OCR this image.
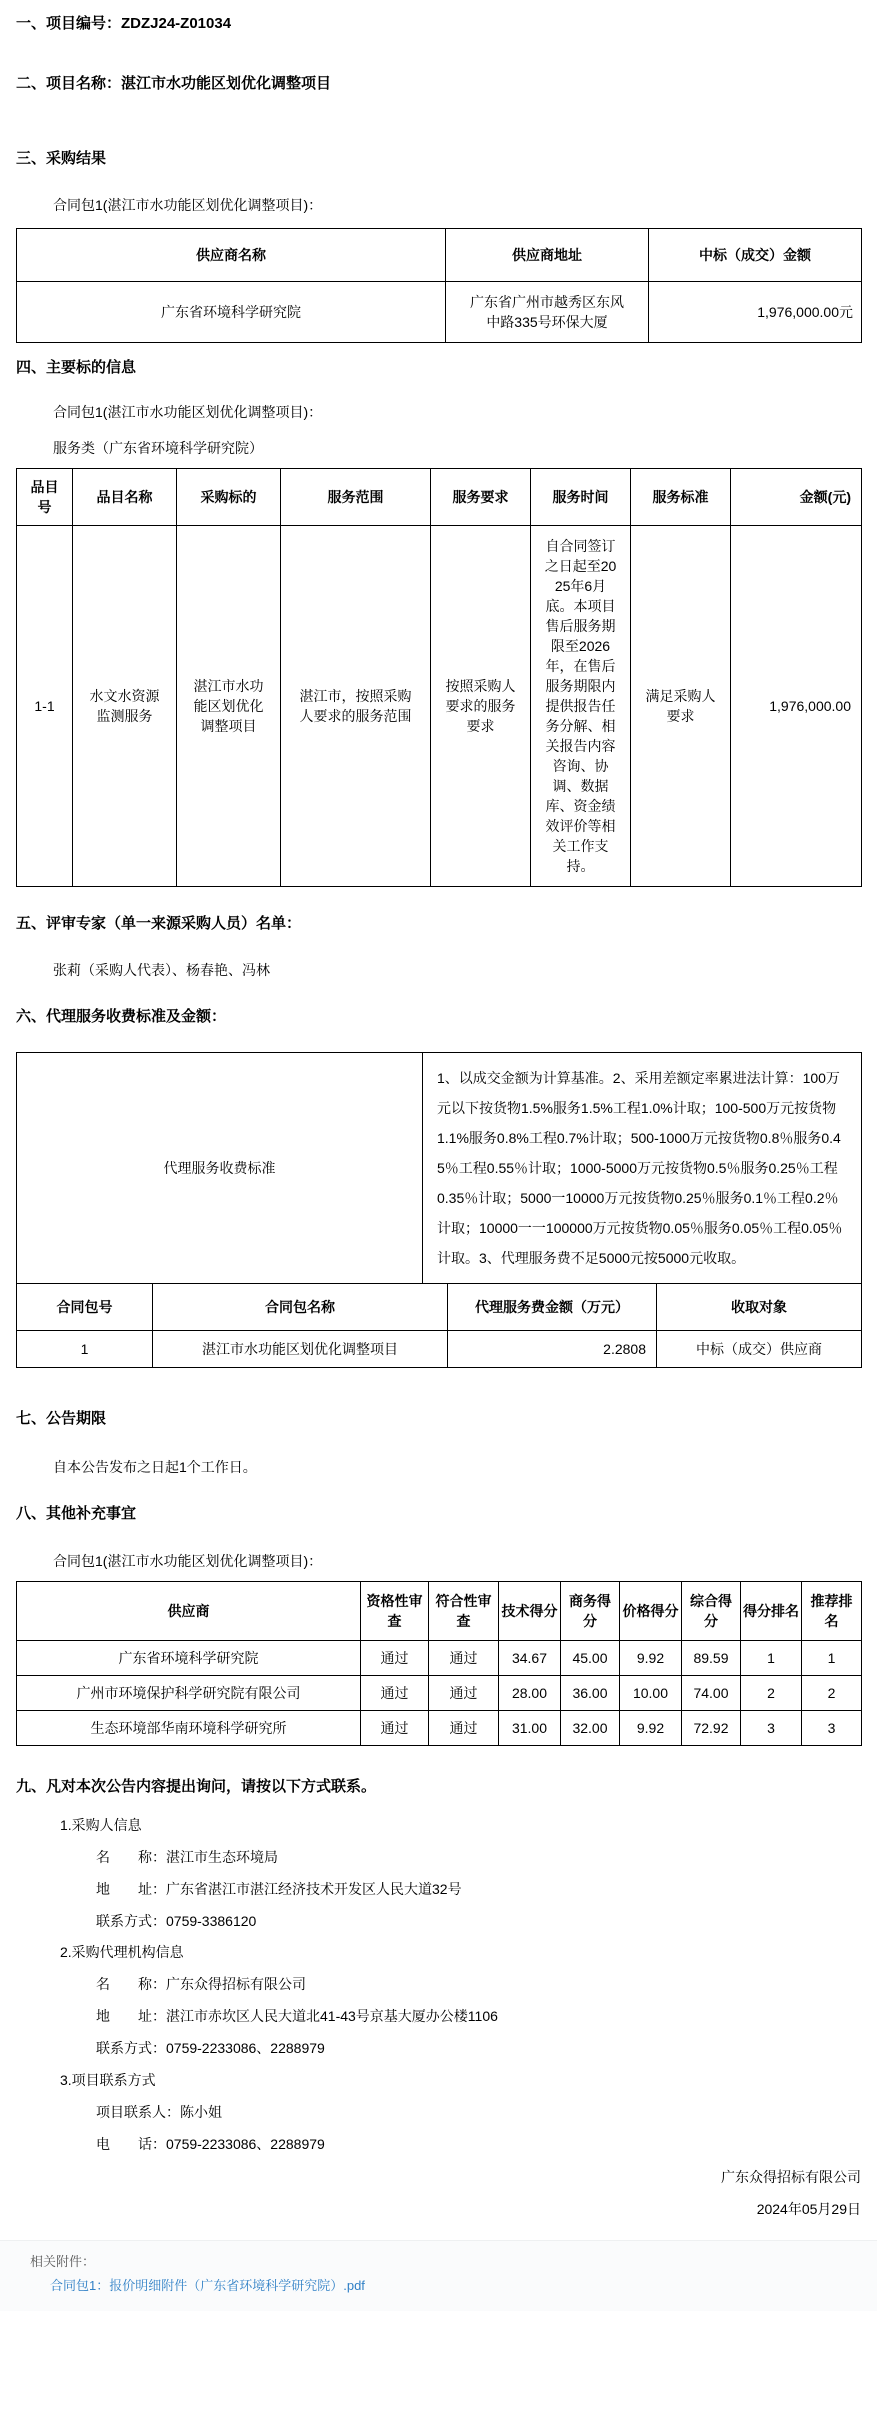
一、项目编号：ZDZJ24-Z01034
二、项目名称：湛江市水功能区划优化调整项目
三、采购结果
合同包1(湛江市水功能区划优化调整项目)：
供应商名称	供应商地址	中标（成交）金额
广东省环境科学研究院	广东省广州市越秀区东风中路335号环保大厦	1,976,000.00元
四、主要标的信息
合同包1(湛江市水功能区划优化调整项目)：
服务类（广东省环境科学研究院）
品目号	品目名称	采购标的	服务范围	服务要求	服务时间	服务标准	金额(元)
1-1	水文水资源监测服务	湛江市水功能区划优化调整项目	湛江市，按照采购人要求的服务范围	按照采购人要求的服务要求	自合同签订之日起至2025年6月底。本项目售后服务期限至2026年，在售后服务期限内提供报告任务分解、相关报告内容咨询、协调、数据库、资金绩效评价等相关工作支持。	满足采购人要求	1,976,000.00
五、评审专家（单一来源采购人员）名单：
张莉（采购人代表）、杨春艳、冯林
六、代理服务收费标准及金额：
代理服务收费标准	1、以成交金额为计算基准。2、采用差额定率累进法计算：100万元以下按货物1.5%服务1.5%工程1.0%计取；100-500万元按货物1.1%服务0.8%工程0.7%计取；500-1000万元按货物0.8％服务0.45％工程0.55％计取；1000-5000万元按货物0.5％服务0.25％工程0.35％计取；5000一10000万元按货物0.25％服务0.1％工程0.2％计取；10000一一100000万元按货物0.05％服务0.05％工程0.05％计取。3、代理服务费不足5000元按5000元收取。
合同包号	合同包名称	代理服务费金额（万元）	收取对象
1	湛江市水功能区划优化调整项目	2.2808	中标（成交）供应商
七、公告期限
自本公告发布之日起1个工作日。
八、其他补充事宜
合同包1(湛江市水功能区划优化调整项目)：
供应商	资格性审查	符合性审查	技术得分	商务得分	价格得分	综合得分	得分排名	推荐排名
广东省环境科学研究院	通过	通过	34.67	45.00	9.92	89.59	1	1
广州市环境保护科学研究院有限公司	通过	通过	28.00	36.00	10.00	74.00	2	2
生态环境部华南环境科学研究所	通过	通过	31.00	32.00	9.92	72.92	3	3
九、凡对本次公告内容提出询问，请按以下方式联系。
1.采购人信息
名　　称：湛江市生态环境局
地　　址：广东省湛江市湛江经济技术开发区人民大道32号
联系方式：0759-3386120
2.采购代理机构信息
名　　称：广东众得招标有限公司
地　　址：湛江市赤坎区人民大道北41-43号京基大厦办公楼1106
联系方式：0759-2233086、2288979
3.项目联系方式
项目联系人：陈小姐
电　　话：0759-2233086、2288979
广东众得招标有限公司
2024年05月29日
相关附件：
合同包1：报价明细附件（广东省环境科学研究院）.pdf
